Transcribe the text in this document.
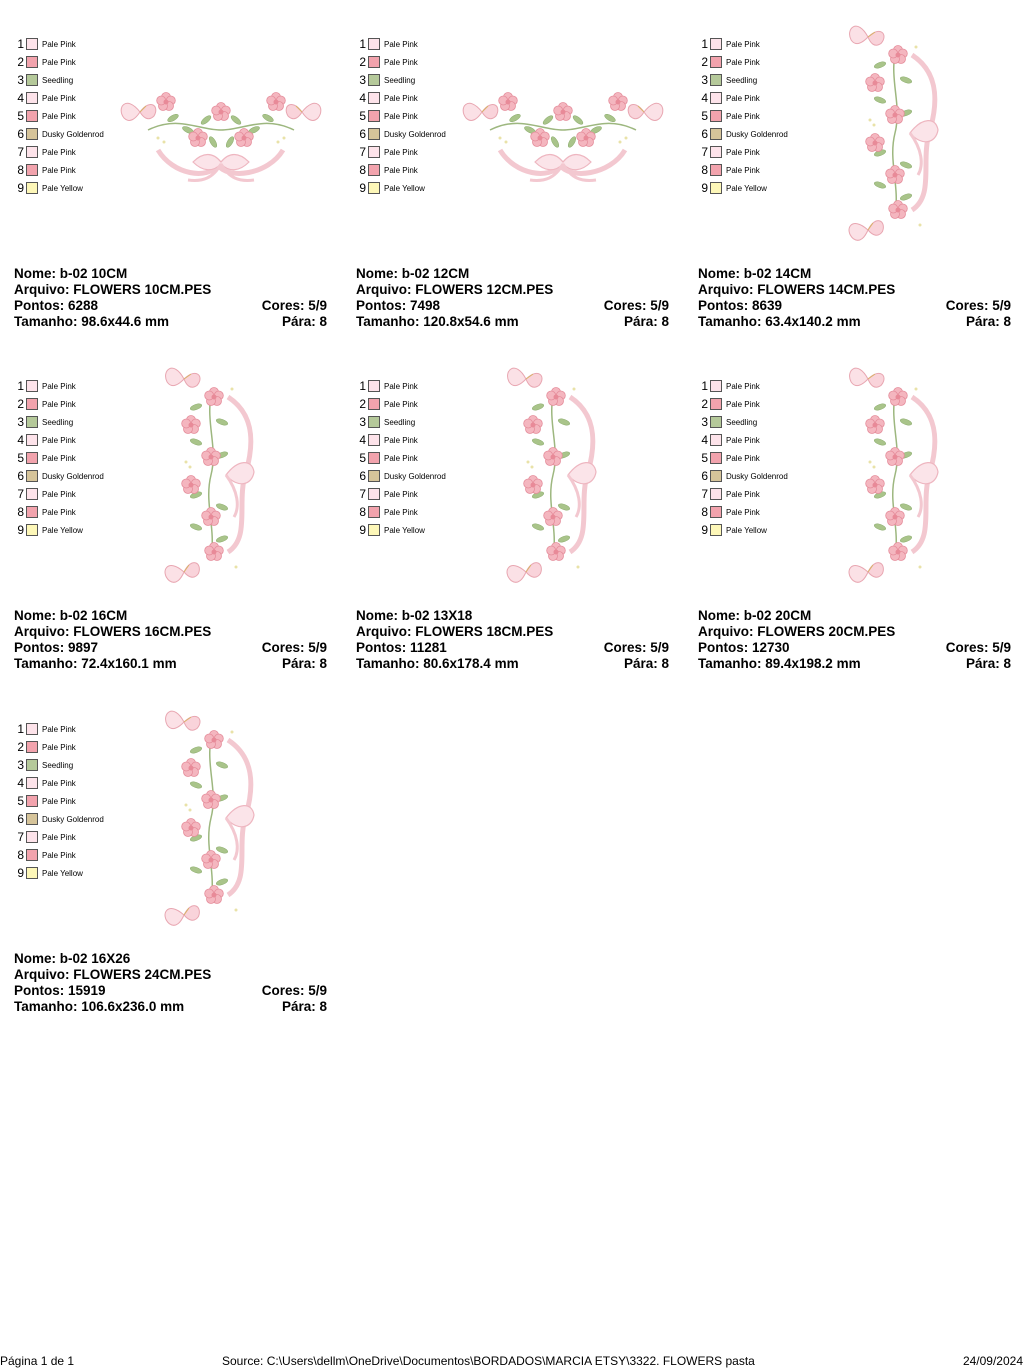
1 Pale Pink
2 Pale Pink
3 Seedling
4 Pale Pink
5 Pale Pink
6 Dusky Goldenrod
7 Pale Pink
8 Pale Pink
9 Pale Yellow
Nome: b-02 10CM
Arquivo: FLOWERS 10CM.PES
Pontos: 6288	Cores: 5/9
Tamanho: 98.6x44.6 mm	Pára: 8
1 Pale Pink
2 Pale Pink
3 Seedling
4 Pale Pink
5 Pale Pink
6 Dusky Goldenrod
7 Pale Pink
8 Pale Pink
9 Pale Yellow
Nome: b-02 12CM
Arquivo: FLOWERS 12CM.PES
Pontos: 7498	Cores: 5/9
Tamanho: 120.8x54.6 mm	Pára: 8
1 Pale Pink
2 Pale Pink
3 Seedling
4 Pale Pink
5 Pale Pink
6 Dusky Goldenrod
7 Pale Pink
8 Pale Pink
9 Pale Yellow
Nome: b-02 14CM
Arquivo: FLOWERS 14CM.PES
Pontos: 8639	Cores: 5/9
Tamanho: 63.4x140.2 mm	Pára: 8
1 Pale Pink
2 Pale Pink
3 Seedling
4 Pale Pink
5 Pale Pink
6 Dusky Goldenrod
7 Pale Pink
8 Pale Pink
9 Pale Yellow
Nome: b-02 16CM
Arquivo: FLOWERS 16CM.PES
Pontos: 9897	Cores: 5/9
Tamanho: 72.4x160.1 mm	Pára: 8
1 Pale Pink
2 Pale Pink
3 Seedling
4 Pale Pink
5 Pale Pink
6 Dusky Goldenrod
7 Pale Pink
8 Pale Pink
9 Pale Yellow
Nome: b-02 13X18
Arquivo: FLOWERS 18CM.PES
Pontos: 11281	Cores: 5/9
Tamanho: 80.6x178.4 mm	Pára: 8
1 Pale Pink
2 Pale Pink
3 Seedling
4 Pale Pink
5 Pale Pink
6 Dusky Goldenrod
7 Pale Pink
8 Pale Pink
9 Pale Yellow
Nome: b-02 20CM
Arquivo: FLOWERS 20CM.PES
Pontos: 12730	Cores: 5/9
Tamanho: 89.4x198.2 mm	Pára: 8
1 Pale Pink
2 Pale Pink
3 Seedling
4 Pale Pink
5 Pale Pink
6 Dusky Goldenrod
7 Pale Pink
8 Pale Pink
9 Pale Yellow
Nome: b-02 16X26
Arquivo: FLOWERS 24CM.PES
Pontos: 15919	Cores: 5/9
Tamanho: 106.6x236.0 mm	Pára: 8
Página 1 de 1	Source: C:\Users\dellm\OneDrive\Documentos\BORDADOS\MARCIA ETSY\3322. FLOWERS pasta	24/09/2024
